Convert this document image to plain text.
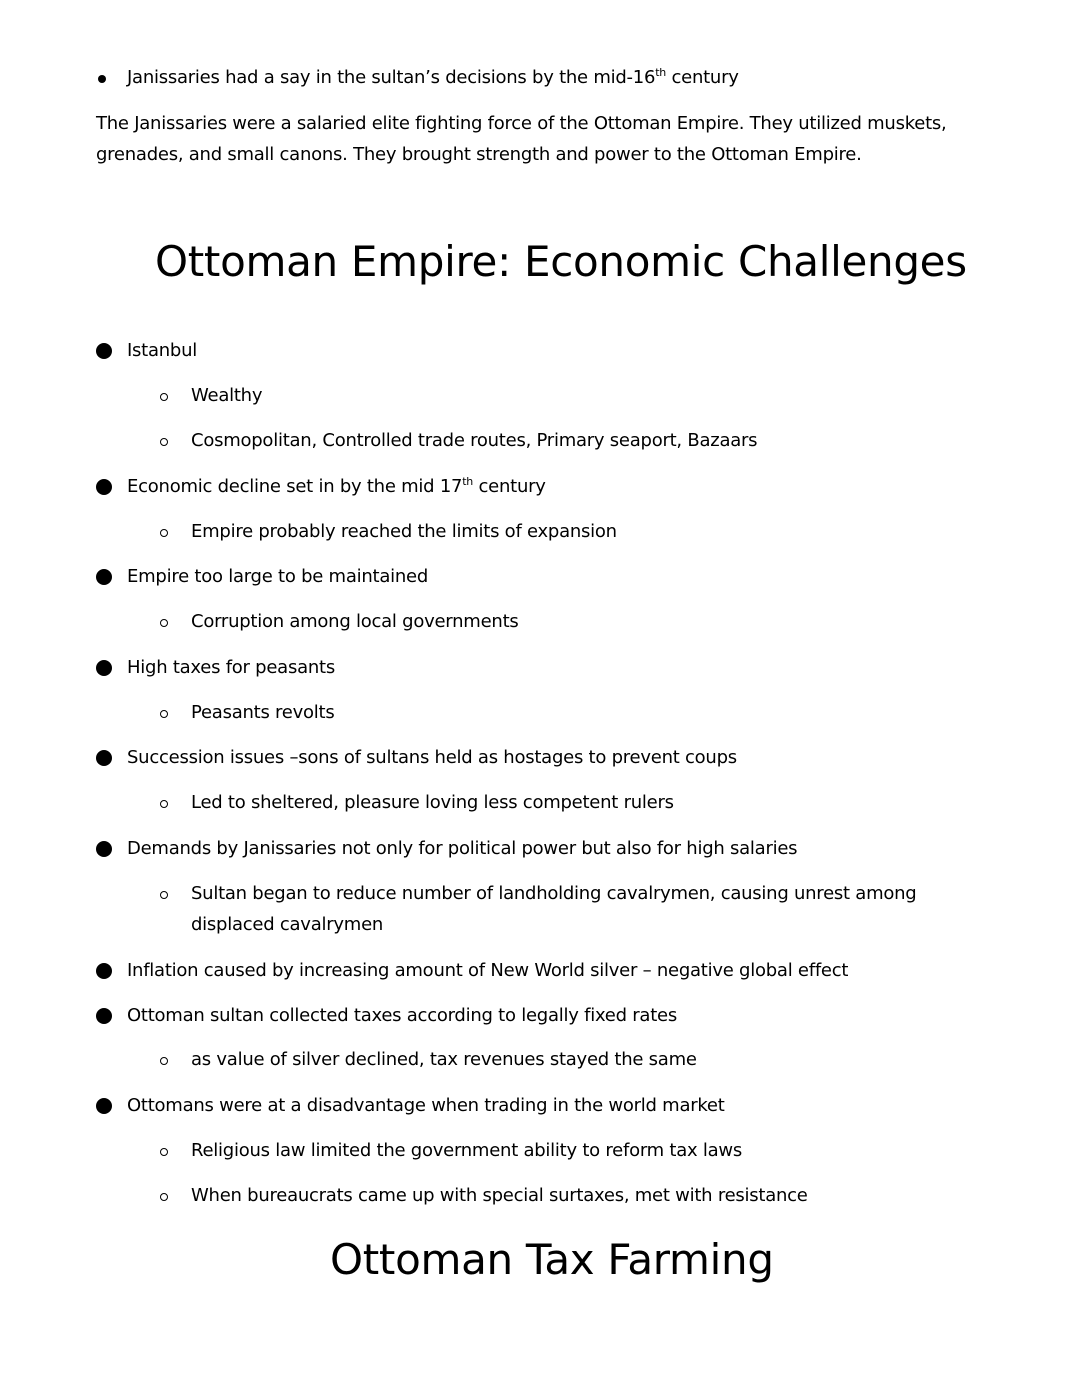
Janissaries had a say in the sultan’s decisions by the mid-16th century
The Janissaries were a salaried elite fighting force of the Ottoman Empire. They utilized muskets, grenades, and small canons. They brought strength and power to the Ottoman Empire.
Ottoman Empire: Economic Challenges
Istanbul
Wealthy
Cosmopolitan, Controlled trade routes, Primary seaport, Bazaars
Economic decline set in by the mid 17th century
Empire probably reached the limits of expansion
Empire too large to be maintained
Corruption among local governments
High taxes for peasants
Peasants revolts
Succession issues –sons of sultans held as hostages to prevent coups
Led to sheltered, pleasure loving less competent rulers
Demands by Janissaries not only for political power but also for high salaries
Sultan began to reduce number of landholding cavalrymen, causing unrest among displaced cavalrymen
Inflation caused by increasing amount of New World silver – negative global effect
Ottoman sultan collected taxes according to legally fixed rates
as value of silver declined, tax revenues stayed the same
Ottomans were at a disadvantage when trading in the world market
Religious law limited the government ability to reform tax laws
When bureaucrats came up with special surtaxes, met with resistance
Ottoman Tax Farming
